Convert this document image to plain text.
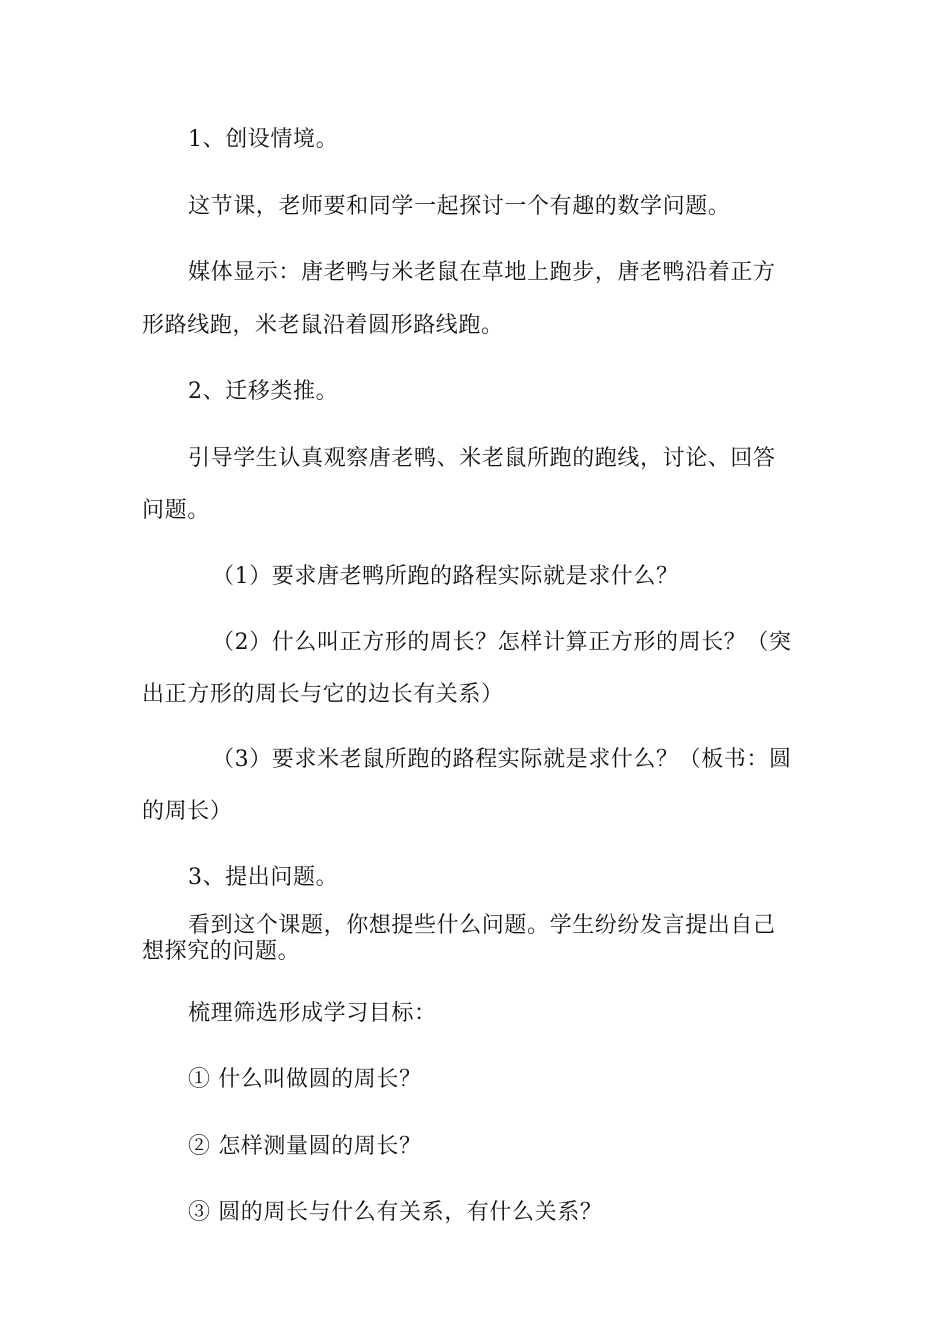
1、创设情境。
这节课，老师要和同学一起探讨一个有趣的数学问题。
媒体显示：唐老鸭与米老鼠在草地上跑步，唐老鸭沿着正方
形路线跑，米老鼠沿着圆形路线跑。
2、迁移类推。
引导学生认真观察唐老鸭、米老鼠所跑的跑线，讨论、回答
问题。
（1）要求唐老鸭所跑的路程实际就是求什么？
（2）什么叫正方形的周长？怎样计算正方形的周长？（突
出正方形的周长与它的边长有关系）
（3）要求米老鼠所跑的路程实际就是求什么？（板书：圆
的周长）
3、提出问题。
看到这个课题，你想提些什么问题。学生纷纷发言提出自己
想探究的问题。
梳理筛选形成学习目标：
① 什么叫做圆的周长？
② 怎样测量圆的周长？
③ 圆的周长与什么有关系，有什么关系？
